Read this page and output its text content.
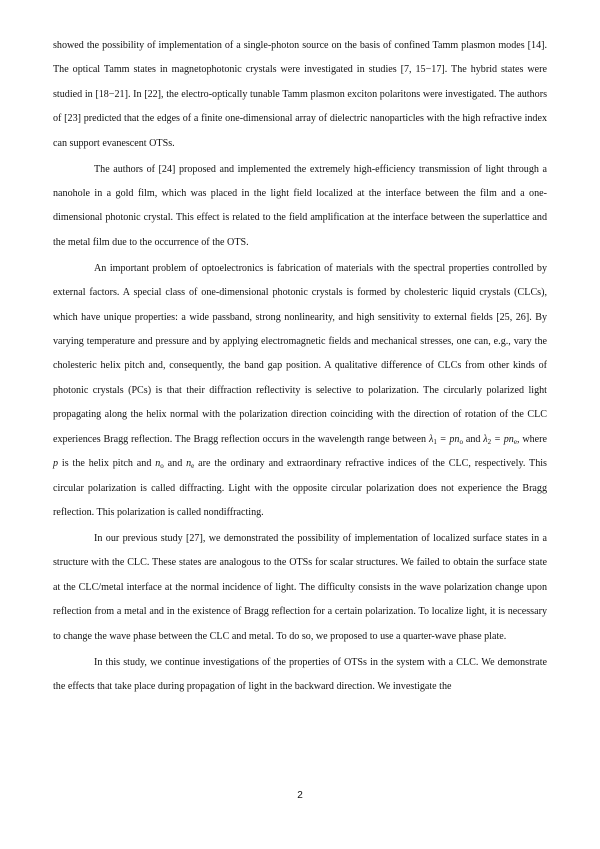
showed the possibility of implementation of a single-photon source on the basis of confined Tamm plasmon modes [14]. The optical Tamm states in magnetophotonic crystals were investigated in studies [7, 15−17]. The hybrid states were studied in [18−21]. In [22], the electro-optically tunable Tamm plasmon exciton polaritons were investigated. The authors of [23] predicted that the edges of a finite one-dimensional array of dielectric nanoparticles with the high refractive index can support evanescent OTSs.

The authors of [24] proposed and implemented the extremely high-efficiency transmission of light through a nanohole in a gold film, which was placed in the light field localized at the interface between the film and a one-dimensional photonic crystal. This effect is related to the field amplification at the interface between the superlattice and the metal film due to the occurrence of the OTS.

An important problem of optoelectronics is fabrication of materials with the spectral properties controlled by external factors. A special class of one-dimensional photonic crystals is formed by cholesteric liquid crystals (CLCs), which have unique properties: a wide passband, strong nonlinearity, and high sensitivity to external fields [25, 26]. By varying temperature and pressure and by applying electromagnetic fields and mechanical stresses, one can, e.g., vary the cholesteric helix pitch and, consequently, the band gap position. A qualitative difference of CLCs from other kinds of photonic crystals (PCs) is that their diffraction reflectivity is selective to polarization. The circularly polarized light propagating along the helix normal with the polarization direction coinciding with the direction of rotation of the CLC experiences Bragg reflection. The Bragg reflection occurs in the wavelength range between $\lambda_1 = pn_o$ and $\lambda_2 = pn_e$, where p is the helix pitch and $n_o$ and $n_e$ are the ordinary and extraordinary refractive indices of the CLC, respectively. This circular polarization is called diffracting. Light with the opposite circular polarization does not experience the Bragg reflection. This polarization is called nondiffracting.

In our previous study [27], we demonstrated the possibility of implementation of localized surface states in a structure with the CLC. These states are analogous to the OTSs for scalar structures. We failed to obtain the surface state at the CLC/metal interface at the normal incidence of light. The difficulty consists in the wave polarization change upon reflection from a metal and in the existence of Bragg reflection for a certain polarization. To localize light, it is necessary to change the wave phase between the CLC and metal. To do so, we proposed to use a quarter-wave phase plate.

In this study, we continue investigations of the properties of OTSs in the system with a CLC. We demonstrate the effects that take place during propagation of light in the backward direction. We investigate the

2
